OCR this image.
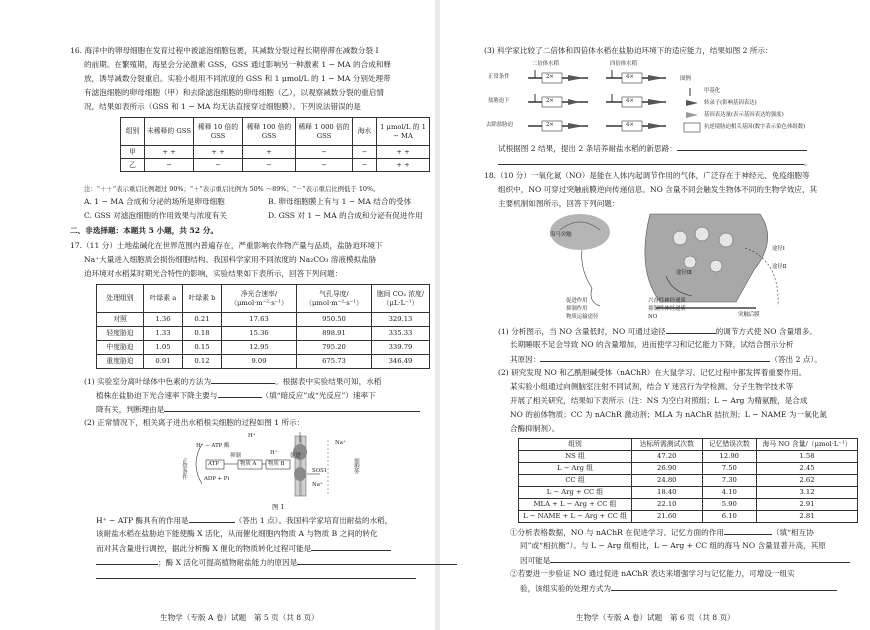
16. 海洋中的卵母细胞在发育过程中被滤泡细胞包裹，其减数分裂过程长期停滞在减数分裂 I
的前期。在繁殖期，海星会分泌激素 GSS，GSS 通过影响另一种激素 1 − MA 的合成和释
放，诱导减数分裂重启。实验小组用不同浓度的 GSS 和 1 μmol/L 的 1 − MA 分别处理带
有滤泡细胞的卵母细胞（甲）和去除滤泡细胞的卵母细胞（乙），以观察减数分裂的重启情
况，结果如表所示（GSS 和 1 − MA 均无法直接穿过细胞膜）。下列说法错误的是
组别	未稀释的 GSS	稀释 10 倍的 GSS	稀释 100 倍的 GSS	稀释 1 000 倍的 GSS	海水	1 μmol/L 的 1 − MA
甲	+ +	+ +	+	−	−	+ +
乙	−	−	−	−	−	+ +
注：“＋＋”表示重启比例超过 90%；“＋”表示重启比例为 50% ～89%；“－”表示重启比例低于 10%。
A. 1 − MA 合成和分泌的场所是卵母细胞	B. 卵母细胞膜上有与 1 − MA 结合的受体
C. GSS 对滤泡细胞的作用效果与浓度有关	D. GSS 对 1 − MA 的合成和分泌有促进作用
二、非选择题：本题共 5 小题，共 52 分。
17.（11 分）土地盐碱化在世界范围内普遍存在，严重影响农作物产量与品质，盐胁迫环境下
Na⁺大量进入细胞质会损伤细胞结构。我国科学家用不同浓度的 Na₂CO₃ 溶液模拟盐胁
迫环境对水稻某时期光合特性的影响，实验结果如下表所示，回答下列问题：
处理组别	叶绿素 a	叶绿素 b	净光合速率/（μmol·m⁻²·s⁻¹）	气孔导度/（μmol·m⁻²·s⁻¹）	胞间 CO₂ 浓度/（μL·L⁻¹）
对照	1.36	0.21	17.63	950.50	329.13
轻度胁迫	1.33	0.18	15.36	898.91	335.33
中度胁迫	1.05	0.15	12.95	795.20	339.79
重度胁迫	0.91	0.12	9.09	675.73	346.49
(1) 实验室分离叶绿体中色素的方法为	。根据表中实验结果可知，水稻
植株在盐胁迫下光合速率下降主要与	（填“暗反应”或“光反应”）速率下
降有关，判断理由是
(2) 正常情况下，相关离子进出水稻根尖细胞的过程如图 1 所示：
H⁺
Na⁺
H⁺
Na⁺
H⁺ − ATP 酶
ATP
抑制
物质 A 物质 B
促进
SOS1
ADP + Pi
正常条件	细胞外
图 1
H⁺ − ATP 酶具有的作用是	（答出 1 点）。我国科学家培育出耐盐的水稻，
该耐盐水稻在盐胁迫下能使酶 X 活化，从而催化细胞内物质 A 与物质 B 之间的转化
而对其含量进行调控，据此分析酶 X 催化的物质转化过程可能是
；酶 X 活化可提高植物耐盐能力的原因是
生物学（专版 A 卷）试题　第 5 页（共 8 页）
(3) 科学家比较了二倍体和四倍体水稻在盐胁迫环境下的适应能力，结果如图 2 所示：
二倍体水稻	四倍体水稻
正常条件
盐胁迫下
去除盐胁迫
2×
2×
2×
4×
4×
4×
图例
甲基化
转录子(影响基因表达)
基因表达量(表示基因表达的强度)
抗逆境胁迫相关基因(数字表示染色体组数)
试根据图 2 结果，提出 2 条培养耐盐水稻的新思路：
。
18.（10 分）一氧化氮（NO）是能在人体内起调节作用的气体，广泛存在于神经元、免疫细胞等
组织中，NO 可穿过突触前膜逆向传递信息。NO 含量不同会触发生物体不同的生物学效应，其
主要机制如图所示，回答下列问题：
海马突触
途径Ⅰ
途径Ⅱ
途径Ⅲ
突触后膜
促进作用
抑制作用
物质运输途径
兴奋性神经递质
抑制性神经递质
NO
(1) 分析图示，当 NO 含量低时，NO 可通过途径	的调节方式使 NO 含量增多。
长期睡眠不足会导致 NO 的含量增加，进而使学习和记忆能力下降，试结合图示分析
其原因：	（答出 2 点）。
(2) 研究发现 NO 和乙酰胆碱受体（nAChR）在大鼠学习、记忆过程中都发挥着重要作用。
某实验小组通过向侧脑室注射不同试剂，结合 Y 迷宫行为学检测、分子生物学技术等
开展了相关研究，结果如下表所示（注：NS 为空白对照组；L − Arg 为精氨酸，是合成
NO 的前体物质；CC 为 nAChR 激动剂；MLA 为 nAChR 拮抗剂；L − NAME 为一氧化氮
合酶抑制剂）。
组别	达标所需测试次数	记忆错误次数	海马 NO 含量/（μmol·L⁻¹）
NS 组	47.20	12.90	1.58
L − Arg 组	26.90	7.50	2.45
CC 组	24.80	7.30	2.62
L − Arg + CC 组	18.40	4.10	3.12
MLA + L − Arg + CC 组	22.10	5.90	2.91
L − NAME + L − Arg + CC 组	21.60	6.10	2.81
①分析表格数据，NO 与 nAChR 在促进学习、记忆方面的作用	（填“相互协
同”或“相抗衡”）。与 L − Arg 组相比，L − Arg + CC 组的海马 NO 含量显著升高，其原
因可能是
②若要进一步验证 NO 通过促进 nAChR 表达来增强学习与记忆能力，可增设一组实
验，该组实验的处理方式为
生物学（专版 A 卷）试题　第 6 页（共 8 页）
